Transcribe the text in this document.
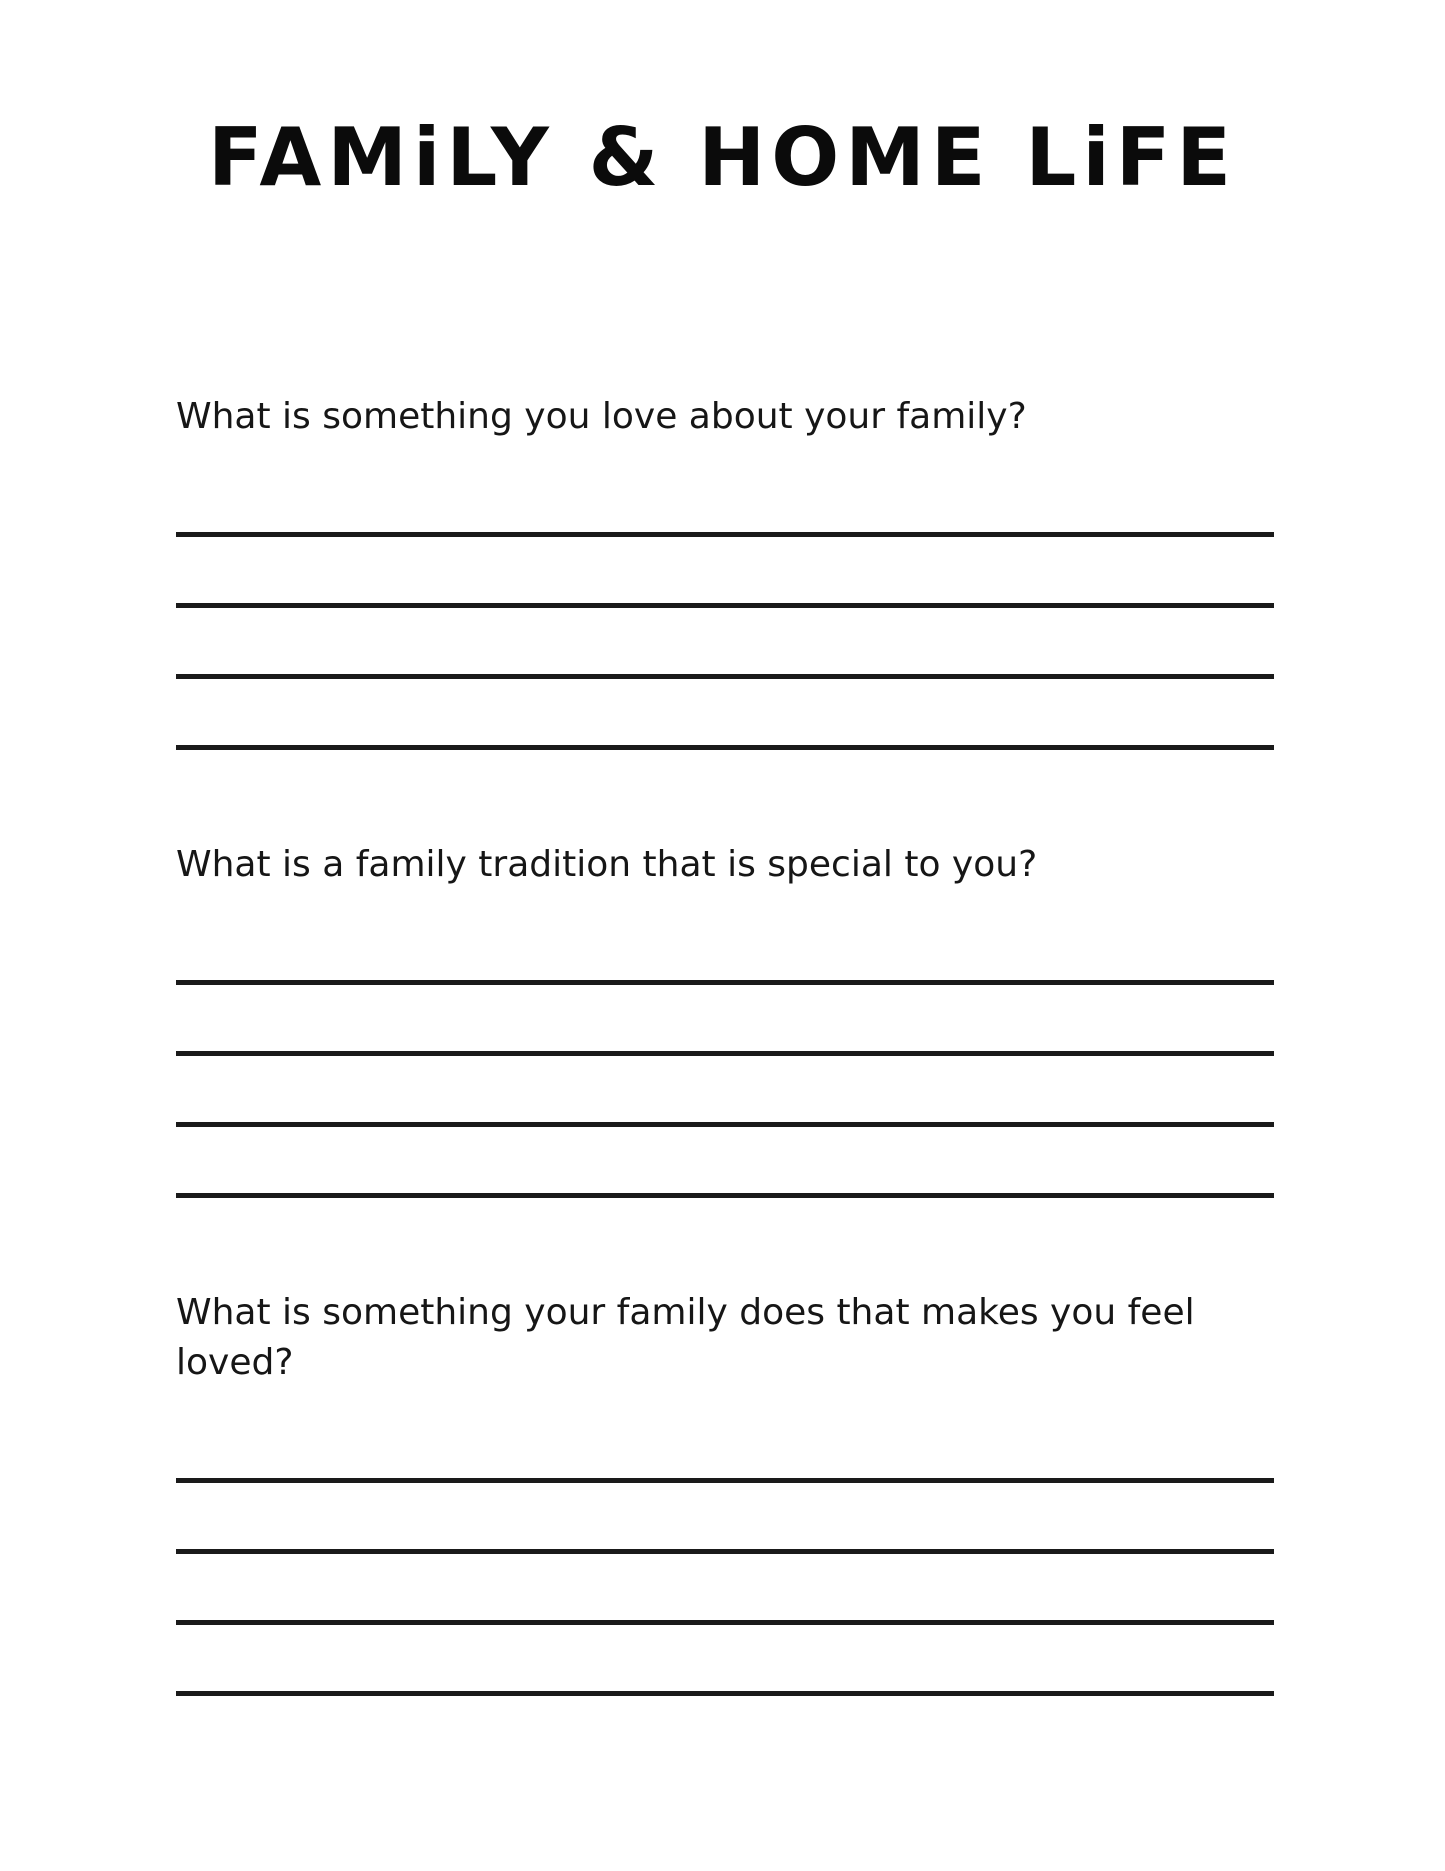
FAMiLY & HOME LiFE

What is something you love about your family?

What is a family tradition that is special to you?

What is something your family does that makes you feel loved?
